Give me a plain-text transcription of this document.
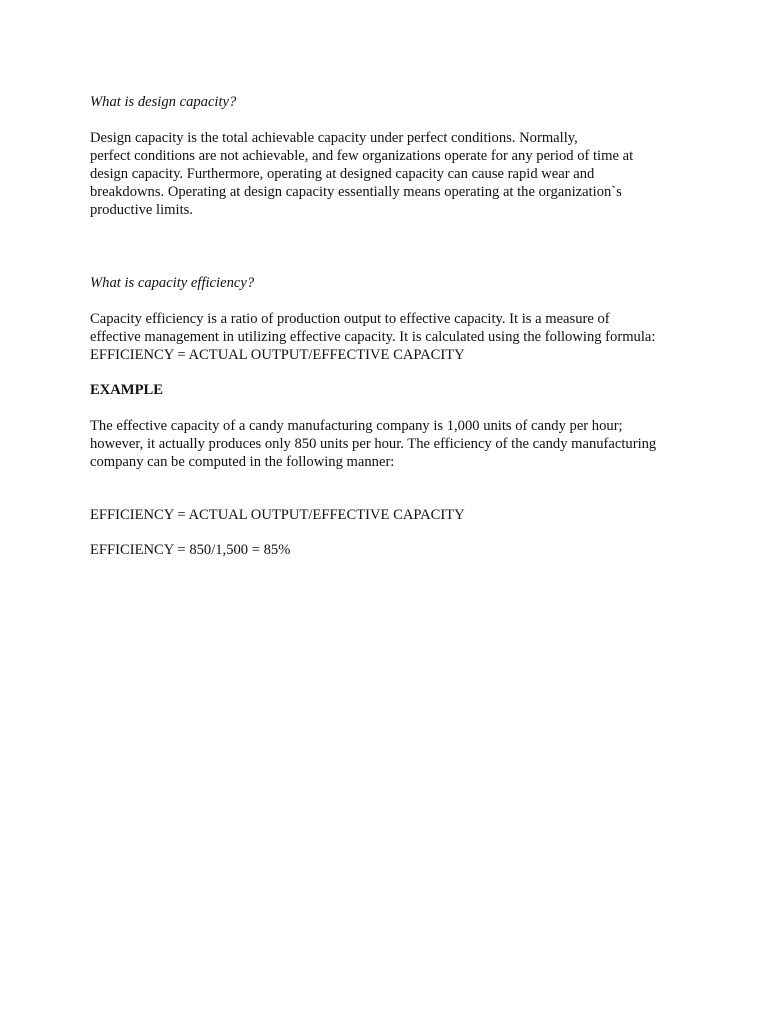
What is design capacity?

Design capacity is the total achievable capacity under perfect conditions. Normally,
perfect conditions are not achievable, and few organizations operate for any period of time at
design capacity. Furthermore, operating at designed capacity can cause rapid wear and
breakdowns. Operating at design capacity essentially means operating at the organization`s
productive limits.

What is capacity efficiency?

Capacity efficiency is a ratio of production output to effective capacity. It is a measure of
effective management in utilizing effective capacity. It is calculated using the following formula:
EFFICIENCY = ACTUAL OUTPUT/EFFECTIVE CAPACITY

EXAMPLE

The effective capacity of a candy manufacturing company is 1,000 units of candy per hour;
however, it actually produces only 850 units per hour. The efficiency of the candy manufacturing
company can be computed in the following manner:

EFFICIENCY = ACTUAL OUTPUT/EFFECTIVE CAPACITY

EFFICIENCY = 850/1,500 = 85%
